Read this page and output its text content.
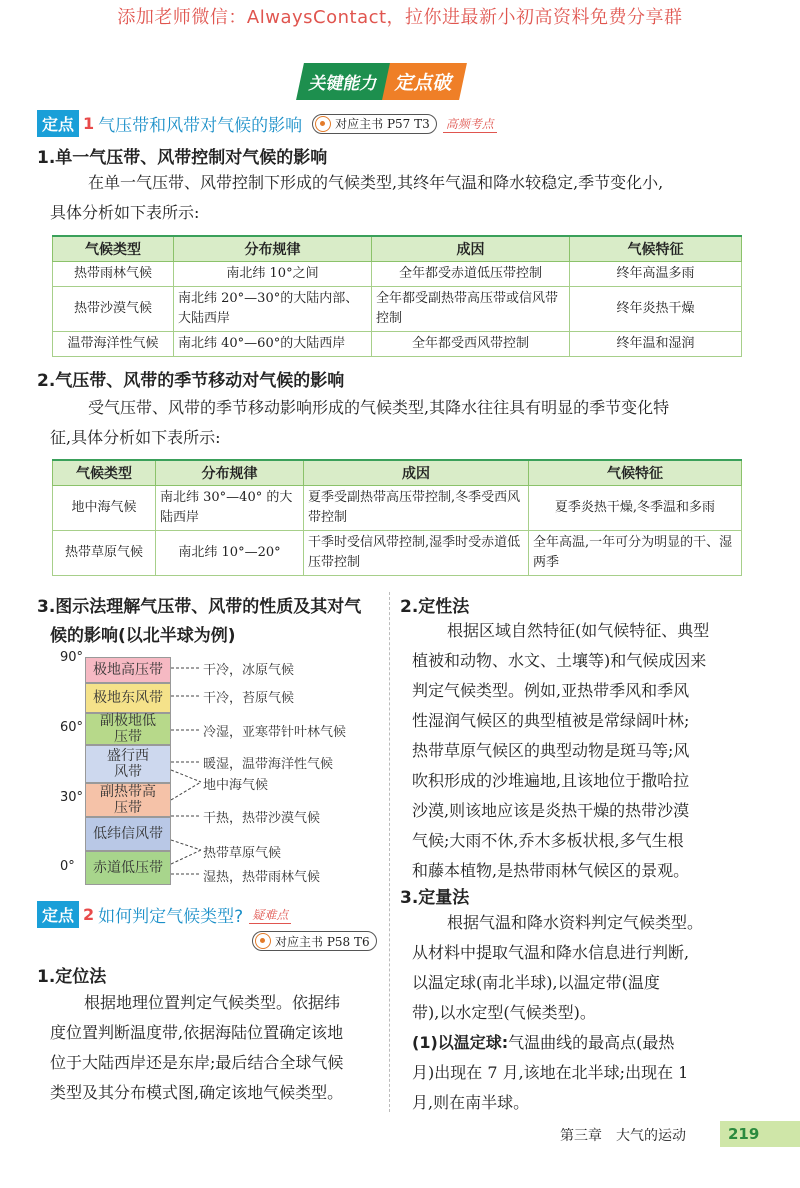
添加老师微信：AlwaysContact，拉你进最新小初高资料免费分享群
关键能力 定点破
定点 1 气压带和风带对气候的影响	对应主书 P57 T3 高频考点
1.单一气压带、风带控制对气候的影响
在单一气压带、风带控制下形成的气候类型,其终年气温和降水较稳定,季节变化小,
具体分析如下表所示:
气候类型	分布规律	成因	气候特征
热带雨林气候	南北纬 10°之间	全年都受赤道低压带控制	终年高温多雨
热带沙漠气候	南北纬 20°—30°的大陆内部、大陆西岸	全年都受副热带高压带或信风带控制	终年炎热干燥
温带海洋性气候	南北纬 40°—60°的大陆西岸	全年都受西风带控制	终年温和湿润
2.气压带、风带的季节移动对气候的影响
受气压带、风带的季节移动影响形成的气候类型,其降水往往具有明显的季节变化特
征,具体分析如下表所示:
气候类型	分布规律	成因	气候特征
地中海气候	南北纬 30°—40° 的大陆西岸	夏季受副热带高压带控制,冬季受西风带控制	夏季炎热干燥,冬季温和多雨
热带草原气候	南北纬 10°—20°	干季时受信风带控制,湿季时受赤道低压带控制	全年高温,一年可分为明显的干、湿两季
3.图示法理解气压带、风带的性质及其对气
候的影响(以北半球为例)
90°
60°
30°
0°
极地高压带
极地东风带
副极地低压带
盛行西风带
副热带高压带
低纬信风带
赤道低压带
干冷，冰原气候
干冷，苔原气候
冷湿，亚寒带针叶林气候
暖湿，温带海洋性气候
地中海气候
干热，热带沙漠气候
热带草原气候
湿热，热带雨林气候
定点 2 如何判定气候类型? 疑难点
对应主书 P58 T6
1.定位法
根据地理位置判定气候类型。依据纬
度位置判断温度带,依据海陆位置确定该地
位于大陆西岸还是东岸;最后结合全球气候
类型及其分布模式图,确定该地气候类型。
2.定性法
根据区域自然特征(如气候特征、典型
植被和动物、水文、土壤等)和气候成因来
判定气候类型。例如,亚热带季风和季风
性湿润气候区的典型植被是常绿阔叶林;
热带草原气候区的典型动物是斑马等;风
吹积形成的沙堆遍地,且该地位于撒哈拉
沙漠,则该地应该是炎热干燥的热带沙漠
气候;大雨不休,乔木多板状根,多气生根
和藤本植物,是热带雨林气候区的景观。
3.定量法
根据气温和降水资料判定气候类型。
从材料中提取气温和降水信息进行判断,
以温定球(南北半球),以温定带(温度
带),以水定型(气候类型)。
(1)以温定球:气温曲线的最高点(最热
月)出现在 7 月,该地在北半球;出现在 1
月,则在南半球。
第三章　大气的运动	219
